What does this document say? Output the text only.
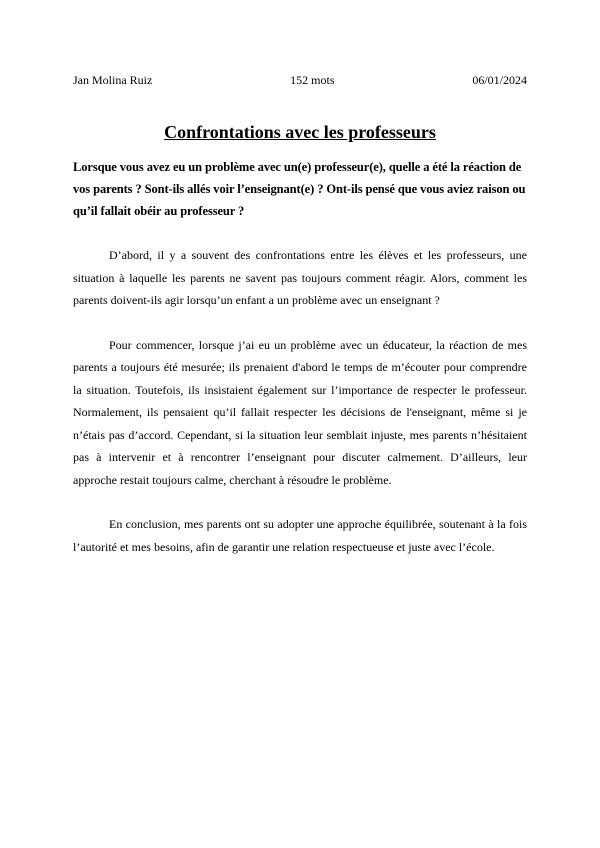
Jan Molina Ruiz	152 mots	06/01/2024
Confrontations avec les professeurs

Lorsque vous avez eu un problème avec un(e) professeur(e), quelle a été la réaction de vos parents ? Sont-ils allés voir l’enseignant(e) ? Ont-ils pensé que vous aviez raison ou qu’il fallait obéir au professeur ?

D’abord, il y a souvent des confrontations entre les élèves et les professeurs, une situation à laquelle les parents ne savent pas toujours comment réagir. Alors, comment les parents doivent-ils agir lorsqu’un enfant a un problème avec un enseignant ?

Pour commencer, lorsque j’ai eu un problème avec un éducateur, la réaction de mes parents a toujours été mesurée; ils prenaient d'abord le temps de m’écouter pour comprendre la situation. Toutefois, ils insistaient également sur l’importance de respecter le professeur. Normalement, ils pensaient qu’il fallait respecter les décisions de l'enseignant, même si je n’étais pas d’accord. Cependant, si la situation leur semblait injuste, mes parents n’hésitaient pas à intervenir et à rencontrer l’enseignant pour discuter calmement. D’ailleurs, leur approche restait toujours calme, cherchant à résoudre le problème.

En conclusion, mes parents ont su adopter une approche équilibrée, soutenant à la fois l’autorité et mes besoins, afin de garantir une relation respectueuse et juste avec l’école.
